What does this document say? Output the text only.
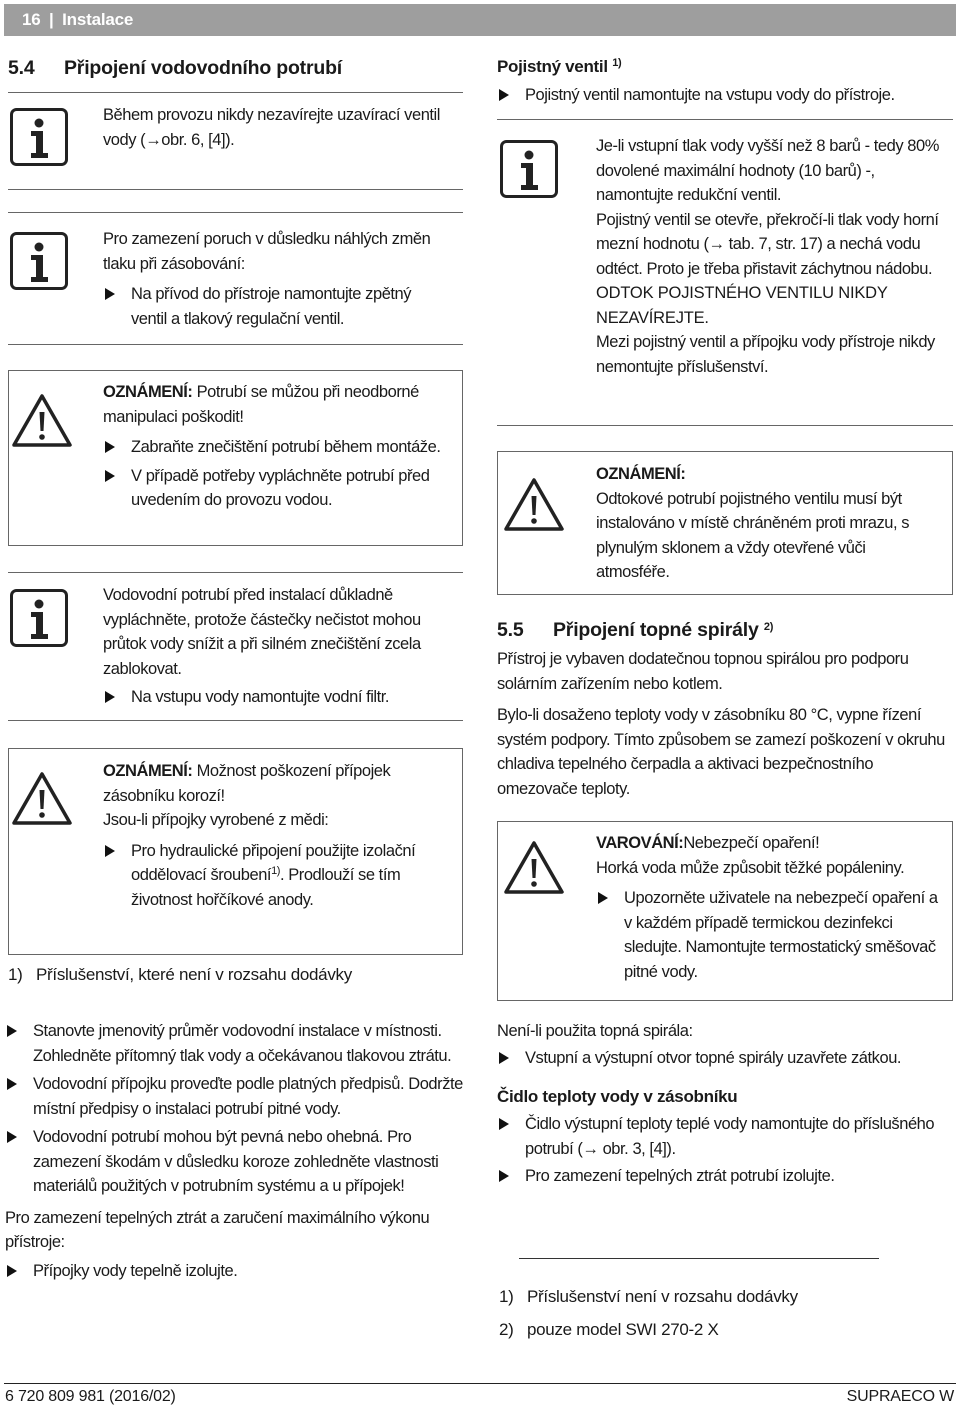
16 | Instalace
5.4 Připojení vodovodního potrubí
Během provozu nikdy nezavírejte uzavírací ventil vody (→obr. 6, [4]).
Pro zamezení poruch v důsledku náhlých změn tlaku při zásobování:
Na přívod do přístroje namontujte zpětný ventil a tlakový regulační ventil.
OZNÁMENÍ: Potrubí se můžou při neodborné manipulaci poškodit!
Zabraňte znečištění potrubí během montáže.
V případě potřeby vypláchněte potrubí před uvedením do provozu vodou.
Vodovodní potrubí před instalací důkladně vypláchněte, protože částečky nečistot mohou průtok vody snížit a při silném znečištění zcela zablokovat.
Na vstupu vody namontujte vodní filtr.
OZNÁMENÍ: Možnost poškození přípojek zásobníku korozí!
Jsou-li přípojky vyrobené z mědi:
Pro hydraulické připojení použijte izolační oddělovací šroubení$^{1)}$. Prodlouží se tím životnost hořčíkové anody.
1) Příslušenství, které není v rozsahu dodávky
Stanovte jmenovitý průměr vodovodní instalace v místnosti. Zohledněte přítomný tlak vody a očekávanou tlakovou ztrátu.
Vodovodní přípojku proveďte podle platných předpisů. Dodržte místní předpisy o instalaci potrubí pitné vody.
Vodovodní potrubí mohou být pevná nebo ohebná. Pro zamezení škodám v důsledku koroze zohledněte vlastnosti materiálů použitých v potrubním systému a u přípojek!
Pro zamezení tepelných ztrát a zaručení maximálního výkonu přístroje:
Přípojky vody tepelně izolujte.
Pojistný ventil $^{1)}$
Pojistný ventil namontujte na vstupu vody do přístroje.
Je-li vstupní tlak vody vyšší než 8 barů - tedy 80% dovolené maximální hodnoty (10 barů) -, namontujte redukční ventil.
Pojistný ventil se otevře, překročí-li tlak vody horní mezní hodnotu (→ tab. 7, str. 17) a nechá vodu odtéct. Proto je třeba přistavit záchytnou nádobu.
ODTOK POJISTNÉHO VENTILU NIKDY NEZAVÍREJTE.
Mezi pojistný ventil a přípojku vody přístroje nikdy nemontujte příslušenství.
OZNÁMENÍ:
Odtokové potrubí pojistného ventilu musí být instalováno v místě chráněném proti mrazu, s plynulým sklonem a vždy otevřené vůči atmosféře.
5.5 Připojení topné spirály $^{2)}$
Přístroj je vybaven dodatečnou topnou spirálou pro podporu solárním zařízením nebo kotlem.
Bylo-li dosaženo teploty vody v zásobníku 80 °C, vypne řízení systém podpory. Tímto způsobem se zamezí poškození v okruhu chladiva tepelného čerpadla a aktivaci bezpečnostního omezovače teploty.
VAROVÁNÍ:Nebezpečí opaření!
Horká voda může způsobit těžké popáleniny.
Upozorněte uživatele na nebezpečí opaření a v každém případě termickou dezinfekci sledujte. Namontujte termostatický směšovač pitné vody.
Není-li použita topná spirála:
Vstupní a výstupní otvor topné spirály uzavřete zátkou.
Čidlo teploty vody v zásobníku
Čidlo výstupní teploty teplé vody namontujte do příslušného potrubí (→ obr. 3, [4]).
Pro zamezení tepelných ztrát potrubí izolujte.
1) Příslušenství není v rozsahu dodávky
2) pouze model SWI 270-2 X
6 720 809 981 (2016/02)	SUPRAECO W
